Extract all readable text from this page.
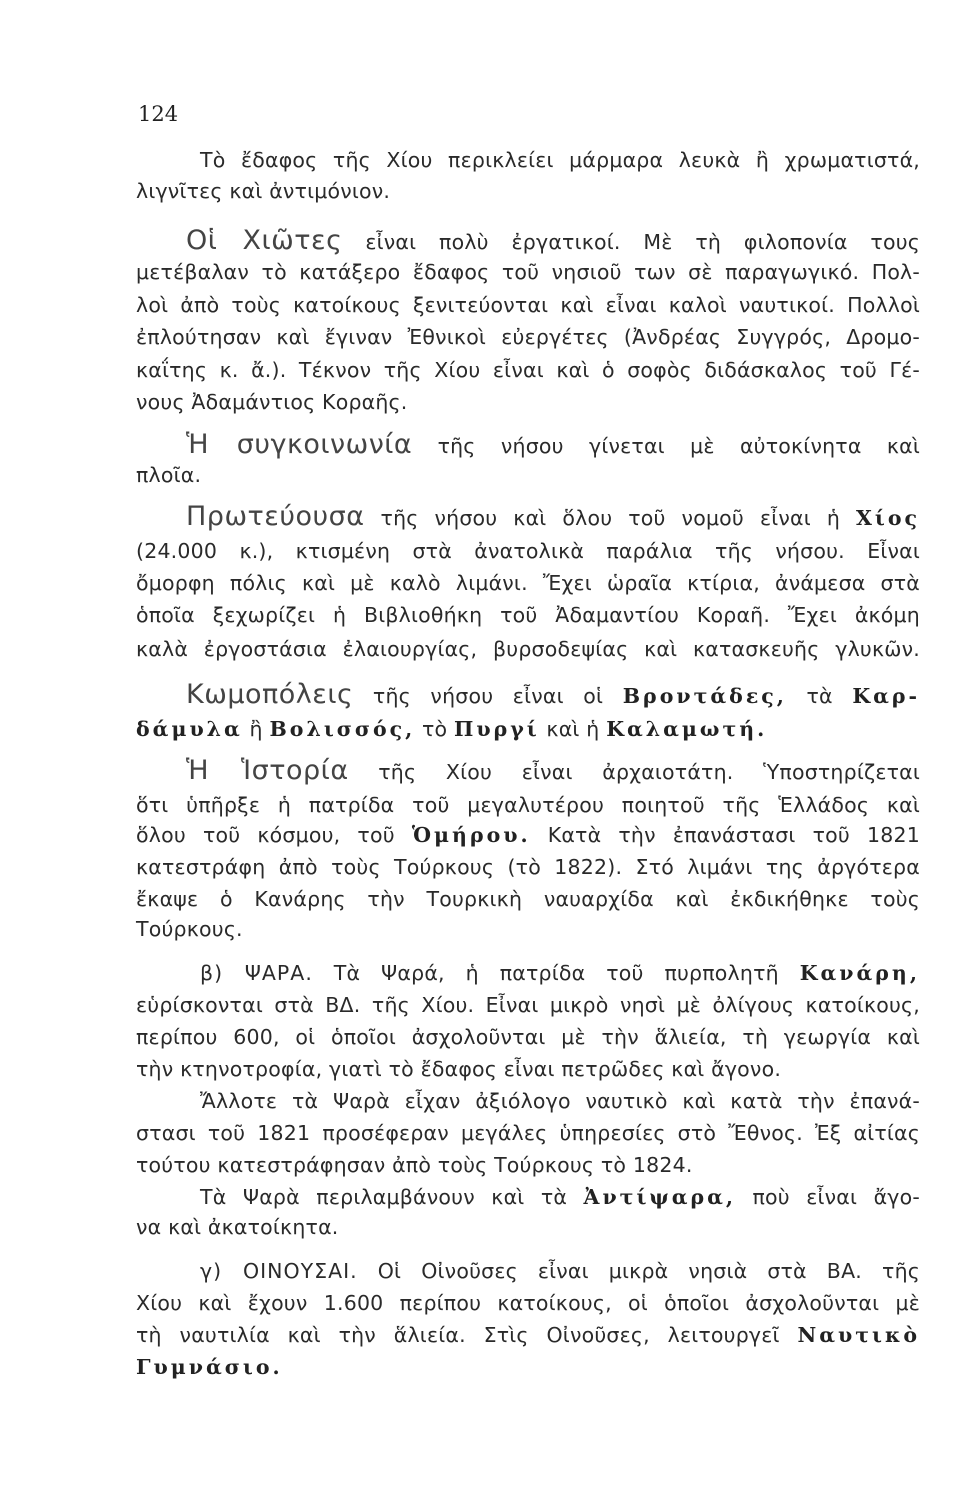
124
Τὸ ἔδαφος τῆς Χίου περικλείει μάρμαρα λευκὰ ἢ χρωματιστά,
λιγνῖτες καὶ ἀντιμόνιον.
Οἱ Χιῶτες εἶναι πολὺ ἐργατικοί. Μὲ τὴ φιλοπονία τους
μετέβαλαν τὸ κατάξερο ἔδαφος τοῦ νησιοῦ των σὲ παραγωγικό. Πολ-
λοὶ ἀπὸ τοὺς κατοίκους ξενιτεύονται καὶ εἶναι καλοὶ ναυτικοί. Πολλοὶ
ἐπλούτησαν καὶ ἔγιναν Ἐθνικοὶ εὐεργέτες (Ἀνδρέας Συγγρός, Δρομο-
καΐτης κ. ἄ.). Τέκνον τῆς Χίου εἶναι καὶ ὁ σοφὸς διδάσκαλος τοῦ Γέ-
νους Ἀδαμάντιος Κοραῆς.
Ἡ συγκοινωνία τῆς νήσου γίνεται μὲ αὐτοκίνητα καὶ
πλοῖα.
Πρωτεύουσα τῆς νήσου καὶ ὅλου τοῦ νομοῦ εἶναι ἡ Χίος
(24.000 κ.), κτισμένη στὰ ἀνατολικὰ παράλια τῆς νήσου. Εἶναι
ὄμορφη πόλις καὶ μὲ καλὸ λιμάνι. Ἔχει ὡραῖα κτίρια, ἀνάμεσα στὰ
ὁποῖα ξεχωρίζει ἡ Βιβλιοθήκη τοῦ Ἀδαμαντίου Κοραῆ. Ἔχει ἀκόμη
καλὰ ἐργοστάσια ἐλαιουργίας, βυρσοδεψίας καὶ κατασκευῆς γλυκῶν.
Κωμοπόλεις τῆς νήσου εἶναι οἱ Βροντάδες, τὰ Καρ-
δάμυλα ἢ Βολισσός, τὸ Πυργί καὶ ἡ Καλαμωτή.
Ἡ Ἱστορία τῆς Χίου εἶναι ἀρχαιοτάτη. Ὑποστηρίζεται
ὅτι ὑπῆρξε ἡ πατρίδα τοῦ μεγαλυτέρου ποιητοῦ τῆς Ἑλλάδος καὶ
ὅλου τοῦ κόσμου, τοῦ Ὁμήρου. Κατὰ τὴν ἐπανάστασι τοῦ 1821
κατεστράφη ἀπὸ τοὺς Τούρκους (τὸ 1822). Στό λιμάνι της ἀργότερα
ἔκαψε ὁ Κανάρης τὴν Τουρκικὴ ναυαρχίδα καὶ ἐκδικήθηκε τοὺς
Τούρκους.
β) ΨΑΡΑ. Τὰ Ψαρά, ἡ πατρίδα τοῦ πυρπολητῆ Κανάρη,
εὑρίσκονται στὰ ΒΔ. τῆς Χίου. Εἶναι μικρὸ νησὶ μὲ ὀλίγους κατοίκους,
περίπου 600, οἱ ὁποῖοι ἀσχολοῦνται μὲ τὴν ἅλιεία, τὴ γεωργία καὶ
τὴν κτηνοτροφία, γιατὶ τὸ ἔδαφος εἶναι πετρῶδες καὶ ἄγονο.
Ἄλλοτε τὰ Ψαρὰ εἶχαν ἀξιόλογο ναυτικὸ καὶ κατὰ τὴν ἐπανά-
στασι τοῦ 1821 προσέφεραν μεγάλες ὑπηρεσίες στὸ Ἔθνος. Ἐξ αἰτίας
τούτου κατεστράφησαν ἀπὸ τοὺς Τούρκους τὸ 1824.
Τὰ Ψαρὰ περιλαμβάνουν καὶ τὰ Ἀντίψαρα, ποὺ εἶναι ἄγο-
να καὶ ἀκατοίκητα.
γ) ΟΙΝΟΥΣΑΙ. Οἱ Οἰνοῦσες εἶναι μικρὰ νησιὰ στὰ ΒΑ. τῆς
Χίου καὶ ἔχουν 1.600 περίπου κατοίκους, οἱ ὁποῖοι ἀσχολοῦνται μὲ
τὴ ναυτιλία καὶ τὴν ἅλιεία. Στὶς Οἰνοῦσες, λειτουργεῖ Ναυτικὸ
Γυμνάσιο.
